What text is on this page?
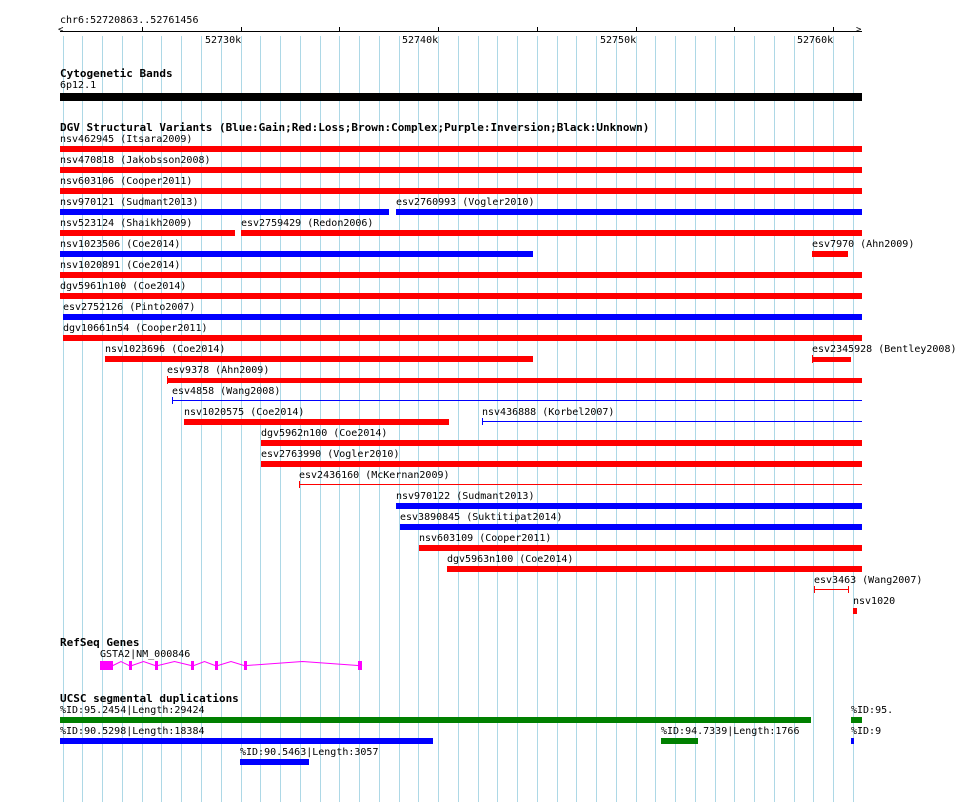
chr6:52720863..52761456
<	>
52730k	52740k	52750k	52760k
Cytogenetic Bands
6p12.1
DGV Structural Variants (Blue:Gain;Red:Loss;Brown:Complex;Purple:Inversion;Black:Unknown)
nsv462945 (Itsara2009)
nsv470818 (Jakobsson2008)
nsv603106 (Cooper2011)
nsv970121 (Sudmant2013)	esv2760993 (Vogler2010)
nsv523124 (Shaikh2009)	esv2759429 (Redon2006)
nsv1023506 (Coe2014)	esv7970 (Ahn2009)
nsv1020891 (Coe2014)
dgv5961n100 (Coe2014)
esv2752126 (Pinto2007)
dgv10661n54 (Cooper2011)
nsv1023696 (Coe2014)	esv2345928 (Bentley2008)
esv9378 (Ahn2009)
esv4858 (Wang2008)
nsv1020575 (Coe2014)	nsv436888 (Korbel2007)
dgv5962n100 (Coe2014)
esv2763990 (Vogler2010)
esv2436160 (McKernan2009)
nsv970122 (Sudmant2013)
esv3890845 (Suktitipat2014)
nsv603109 (Cooper2011)
dgv5963n100 (Coe2014)
esv3463 (Wang2007)
nsv1020
RefSeq Genes
GSTA2|NM_000846
UCSC segmental duplications
%ID:95.2454|Length:29424	%ID:95.
%ID:90.5298|Length:18384	%ID:94.7339|Length:1766	%ID:9
%ID:90.5463|Length:3057
